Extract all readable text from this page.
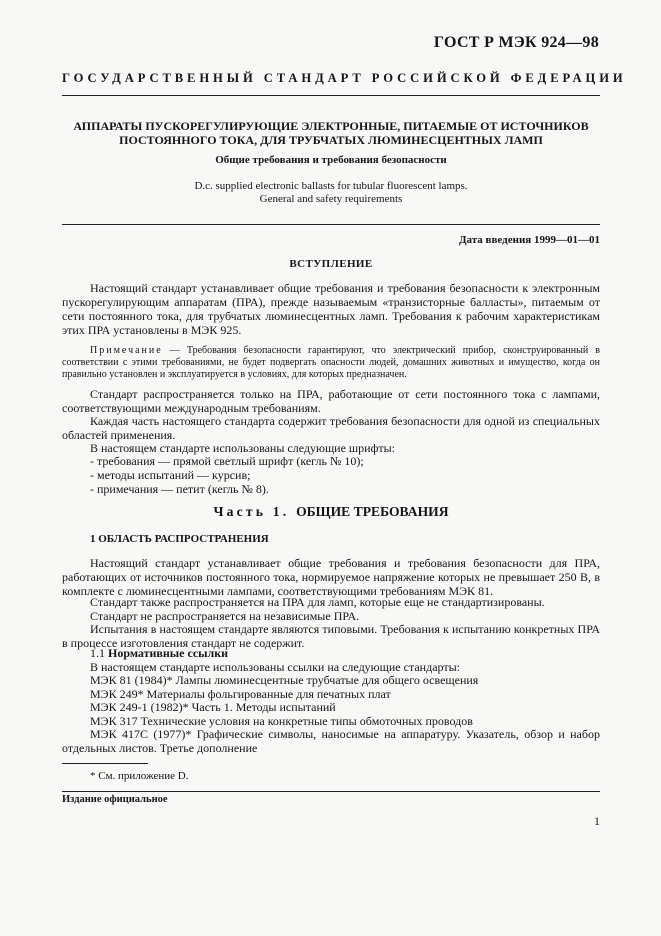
ГОСТ Р МЭК 924—98
ГОСУДАРСТВЕННЫЙ СТАНДАРТ РОССИЙСКОЙ ФЕДЕРАЦИИ
АППАРАТЫ ПУСКОРЕГУЛИРУЮЩИЕ ЭЛЕКТРОННЫЕ, ПИТАЕМЫЕ ОТ ИСТОЧНИКОВ
ПОСТОЯННОГО ТОКА, ДЛЯ ТРУБЧАТЫХ ЛЮМИНЕСЦЕНТНЫХ ЛАМП
Общие требования и требования безопасности
D.c. supplied electronic ballasts for tubular fluorescent lamps.
General and safety requirements
Дата введения 1999—01—01
ВСТУПЛЕНИЕ

Настоящий стандарт устанавливает общие требования и требования безопасности к электронным пускорегулирующим аппаратам (ПРА), прежде называемым «транзисторные балласты», питаемым от сети постоянного тока, для трубчатых люминесцентных ламп. Требования к рабочим характеристикам этих ПРА установлены в МЭК 925.

Примечание — Требования безопасности гарантируют, что электрический прибор, сконструированный в соответствии с этими требованиями, не будет подвергать опасности людей, домашних животных и имущество, когда он правильно установлен и эксплуатируется в условиях, для которых предназначен.

Стандарт распространяется только на ПРА, работающие от сети постоянного тока с лампами, соответствующими международным требованиям.

Каждая часть настоящего стандарта содержит требования безопасности для одной из специальных областей применения.

В настоящем стандарте использованы следующие шрифты:

- требования — прямой светлый шрифт (кегль № 10);
- методы испытаний — курсив;
- примечания — петит (кегль № 8).
Часть 1. ОБЩИЕ ТРЕБОВАНИЯ
1 ОБЛАСТЬ РАСПРОСТРАНЕНИЯ

Настоящий стандарт устанавливает общие требования и требования безопасности для ПРА, работающих от источников постоянного тока, нормируемое напряжение которых не превышает 250 В, в комплекте с люминесцентными лампами, соответствующими требованиям МЭК 81.

Стандарт также распространяется на ПРА для ламп, которые еще не стандартизированы.

Стандарт не распространяется на независимые ПРА.

Испытания в настоящем стандарте являются типовыми. Требования к испытанию конкретных ПРА в процессе изготовления стандарт не содержит.

1.1 Нормативные ссылки
В настоящем стандарте использованы ссылки на следующие стандарты:
МЭК 81 (1984)* Лампы люминесцентные трубчатые для общего освещения
МЭК 249* Материалы фольгированные для печатных плат
МЭК 249-1 (1982)* Часть 1. Методы испытаний
МЭК 317 Технические условия на конкретные типы обмоточных проводов

МЭК 417С (1977)* Графические символы, наносимые на аппаратуру. Указатель, обзор и набор отдельных листов. Третье дополнение

* См. приложение D.
Издание официальное
1
